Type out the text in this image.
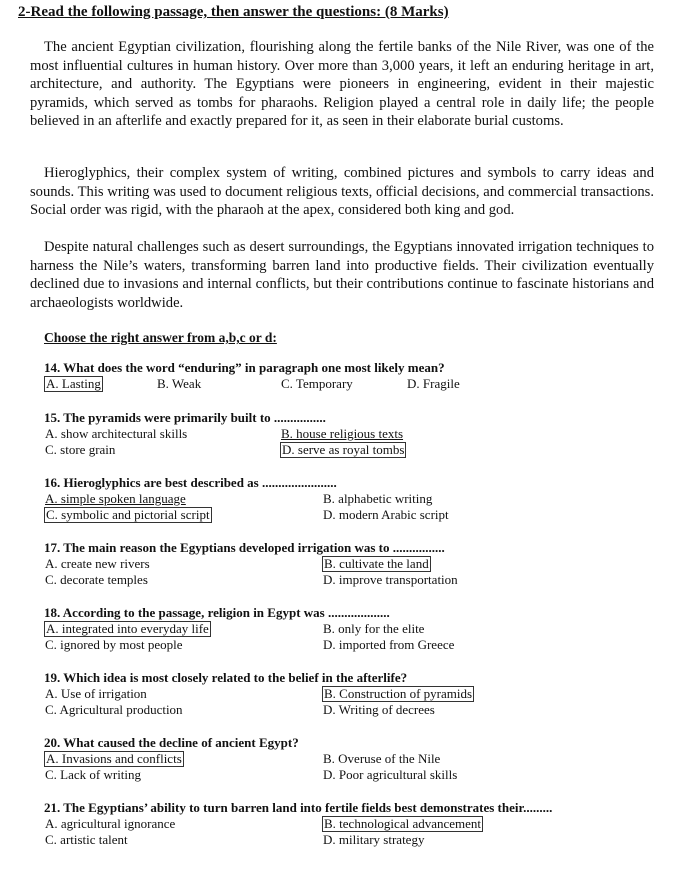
2-Read the following passage, then answer the questions: (8 Marks)

The ancient Egyptian civilization, flourishing along the fertile banks of the Nile River, was one of the most influential cultures in human history. Over more than 3,000 years, it left an enduring heritage in art, architecture, and authority. The Egyptians were pioneers in engineering, evident in their majestic pyramids, which served as tombs for pharaohs. Religion played a central role in daily life; the people believed in an afterlife and exactly prepared for it, as seen in their elaborate burial customs.

Hieroglyphics, their complex system of writing, combined pictures and symbols to carry ideas and sounds. This writing was used to document religious texts, official decisions, and commercial transactions. Social order was rigid, with the pharaoh at the apex, considered both king and god.

Despite natural challenges such as desert surroundings, the Egyptians innovated irrigation techniques to harness the Nile’s waters, transforming barren land into productive fields. Their civilization eventually declined due to invasions and internal conflicts, but their contributions continue to fascinate historians and archaeologists worldwide.

Choose the right answer from a,b,c or d:
14. What does the word “enduring” in paragraph one most likely mean?
A. Lasting	B. Weak	C. Temporary	D. Fragile
15. The pyramids were primarily built to ................
A. show architectural skills	B. house religious texts
C. store grain	D. serve as royal tombs
16. Hieroglyphics are best described as .......................
A. simple spoken language	B. alphabetic writing
C. symbolic and pictorial script	D. modern Arabic script
17. The main reason the Egyptians developed irrigation was to ................
A. create new rivers	B. cultivate the land
C. decorate temples	D. improve transportation
18. According to the passage, religion in Egypt was ...................
A. integrated into everyday life	B. only for the elite
C. ignored by most people	D. imported from Greece
19. Which idea is most closely related to the belief in the afterlife?
A. Use of irrigation	B. Construction of pyramids
C. Agricultural production	D. Writing of decrees
20. What caused the decline of ancient Egypt?
A. Invasions and conflicts	B. Overuse of the Nile
C. Lack of writing	D. Poor agricultural skills
21. The Egyptians’ ability to turn barren land into fertile fields best demonstrates their.........
A. agricultural ignorance	B. technological advancement
C. artistic talent	D. military strategy
